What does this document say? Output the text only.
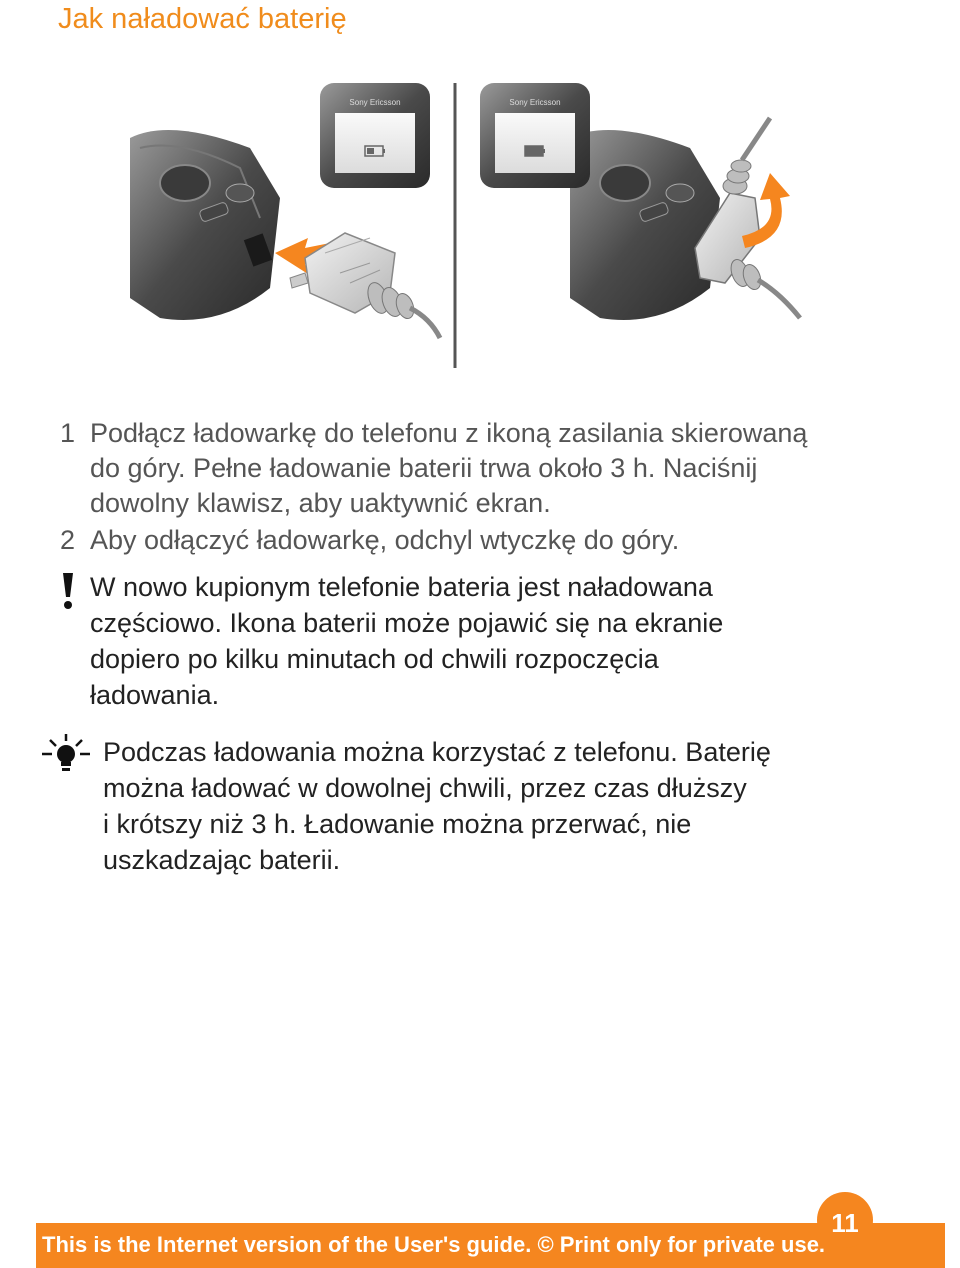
Jak naładować baterię
Sony Ericsson	Sony Ericsson
1 Podłącz ładowarkę do telefonu z ikoną zasilania skierowaną
do góry. Pełne ładowanie baterii trwa około 3 h. Naciśnij
dowolny klawisz, aby uaktywnić ekran.
2 Aby odłączyć ładowarkę, odchyl wtyczkę do góry.
W nowo kupionym telefonie bateria jest naładowana
częściowo. Ikona baterii może pojawić się na ekranie
dopiero po kilku minutach od chwili rozpoczęcia
ładowania.
Podczas ładowania można korzystać z telefonu. Baterię
można ładować w dowolnej chwili, przez czas dłuższy
i krótszy niż 3 h. Ładowanie można przerwać, nie
uszkadzając baterii.
This is the Internet version of the User's guide. © Print only for private use.
11
